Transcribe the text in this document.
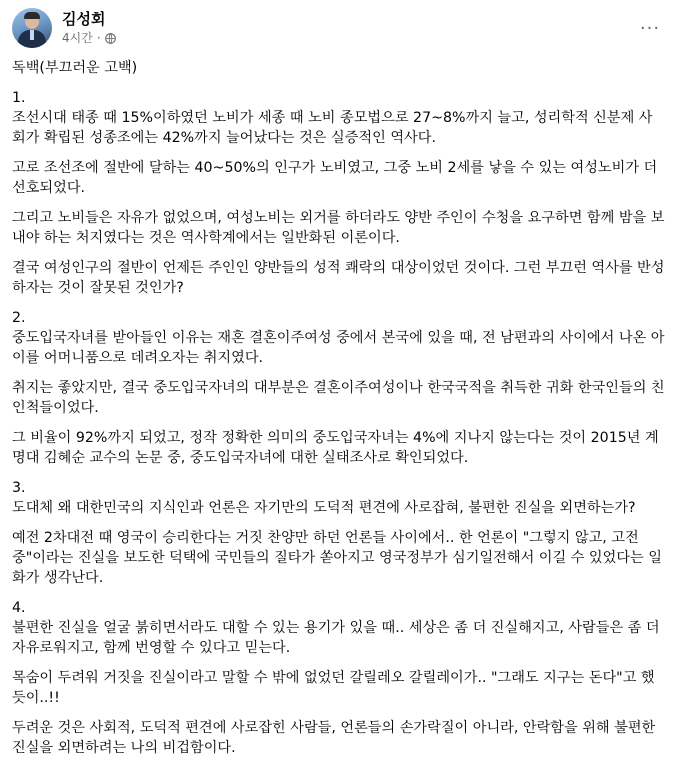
김성회
4시간 ·	···

독백(부끄러운 고백)

1.

조선시대 태종 때 15%이하였던 노비가 세종 때 노비 종모법으로 27~8%까지 늘고, 성리학적 신분제 사회가 확립된 성종조에는 42%까지 늘어났다는 것은 실증적인 역사다.

고로 조선조에 절반에 달하는 40~50%의 인구가 노비였고, 그중 노비 2세를 낳을 수 있는 여성노비가 더 선호되었다.

그리고 노비들은 자유가 없었으며, 여성노비는 외거를 하더라도 양반 주인이 수청을 요구하면 함께 밤을 보내야 하는 처지였다는 것은 역사학계에서는 일반화된 이론이다.

결국 여성인구의 절반이 언제든 주인인 양반들의 성적 쾌락의 대상이었던 것이다. 그런 부끄런 역사를 반성하자는 것이 잘못된 것인가?

2.

중도입국자녀를 받아들인 이유는 재혼 결혼이주여성 중에서 본국에 있을 때, 전 남편과의 사이에서 나온 아이를 어머니품으로 데려오자는 취지였다.

취지는 좋았지만, 결국 중도입국자녀의 대부분은 결혼이주여성이나 한국국적을 취득한 귀화 한국인들의 친인척들이었다.

그 비율이 92%까지 되었고, 정작 정확한 의미의 중도입국자녀는 4%에 지나지 않는다는 것이 2015년 계명대 김혜순 교수의 논문 중, 중도입국자녀에 대한 실태조사로 확인되었다.

3.

도대체 왜 대한민국의 지식인과 언론은 자기만의 도덕적 편견에 사로잡혀, 불편한 진실을 외면하는가?

예전 2차대전 때 영국이 승리한다는 거짓 찬양만 하던 언론들 사이에서.. 한 언론이 "그렇지 않고, 고전중"이라는 진실을 보도한 덕택에 국민들의 질타가 쏟아지고 영국정부가 심기일전해서 이길 수 있었다는 일화가 생각난다.

4.

불편한 진실을 얼굴 붉히면서라도 대할 수 있는 용기가 있을 때.. 세상은 좀 더 진실해지고, 사람들은 좀 더 자유로워지고, 함께 번영할 수 있다고 믿는다.

목숨이 두려워 거짓을 진실이라고 말할 수 밖에 없었던 갈릴레오 갈릴레이가.. "그래도 지구는 돈다"고 했듯이..!!

두려운 것은 사회적, 도덕적 편견에 사로잡힌 사람들, 언론들의 손가락질이 아니라, 안락함을 위해 불편한 진실을 외면하려는 나의 비겁함이다.
